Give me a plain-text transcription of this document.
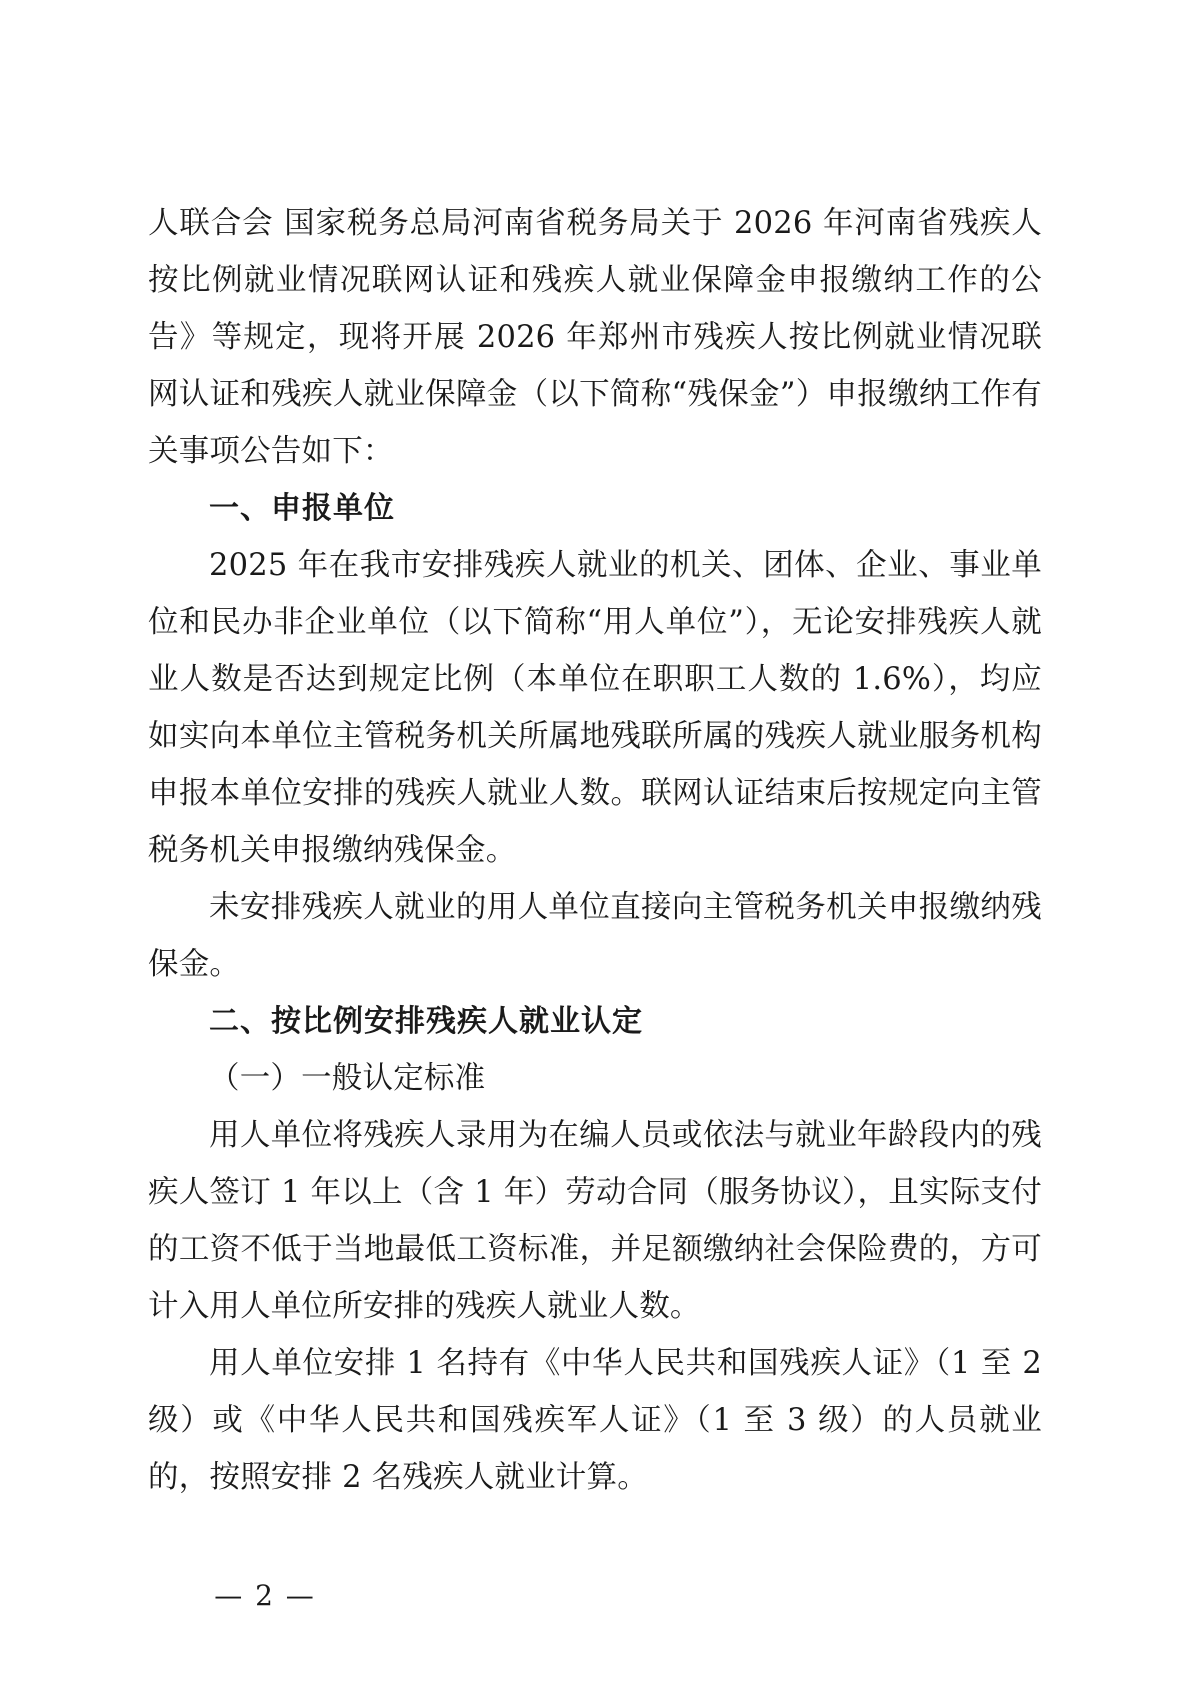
人联合会 国家税务总局河南省税务局关于 2026 年河南省残疾人按比例就业情况联网认证和残疾人就业保障金申报缴纳工作的公告》等规定，现将开展 2026 年郑州市残疾人按比例就业情况联网认证和残疾人就业保障金（以下简称“残保金”）申报缴纳工作有关事项公告如下：

一、申报单位

2025 年在我市安排残疾人就业的机关、团体、企业、事业单位和民办非企业单位（以下简称“用人单位”），无论安排残疾人就业人数是否达到规定比例（本单位在职职工人数的 1.6%），均应如实向本单位主管税务机关所属地残联所属的残疾人就业服务机构申报本单位安排的残疾人就业人数。联网认证结束后按规定向主管税务机关申报缴纳残保金。

未安排残疾人就业的用人单位直接向主管税务机关申报缴纳残保金。

二、按比例安排残疾人就业认定

（一）一般认定标准

用人单位将残疾人录用为在编人员或依法与就业年龄段内的残疾人签订 1 年以上（含 1 年）劳动合同（服务协议），且实际支付的工资不低于当地最低工资标准，并足额缴纳社会保险费的，方可计入用人单位所安排的残疾人就业人数。

用人单位安排 1 名持有《中华人民共和国残疾人证》（1 至 2 级）或《中华人民共和国残疾军人证》（1 至 3 级）的人员就业的，按照安排 2 名残疾人就业计算。

— 2 —
